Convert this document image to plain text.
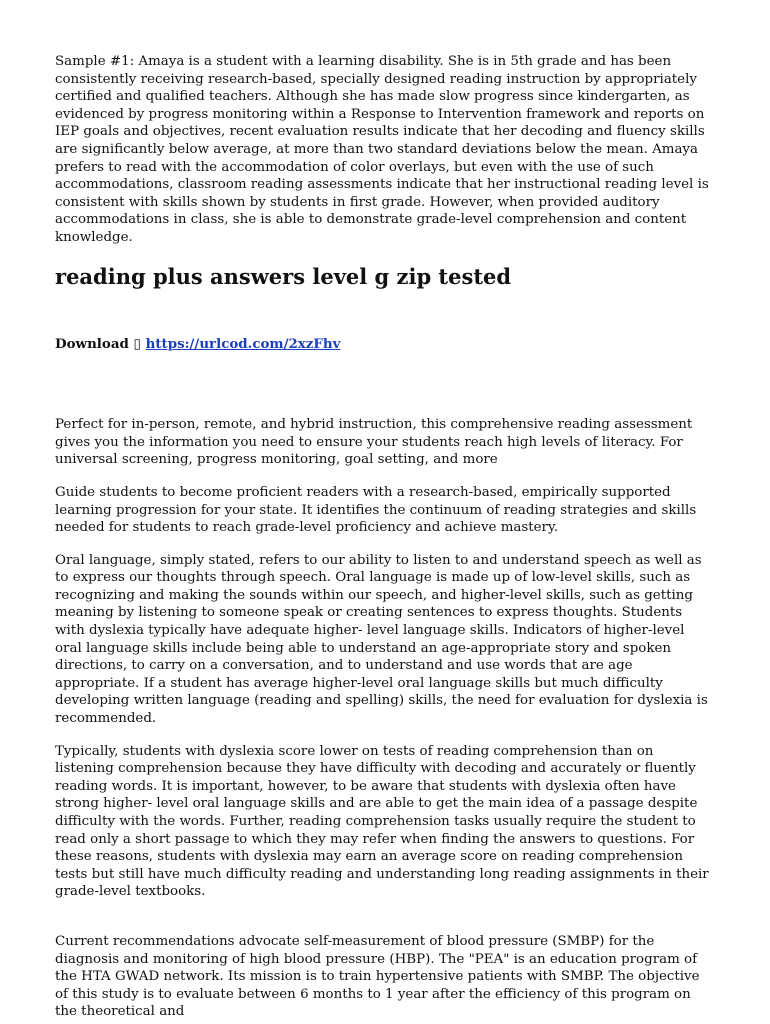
Sample #1: Amaya is a student with a learning disability. She is in 5th grade and has been consistently receiving research-based, specially designed reading instruction by appropriately certified and qualified teachers. Although she has made slow progress since kindergarten, as evidenced by progress monitoring within a Response to Intervention framework and reports on IEP goals and objectives, recent evaluation results indicate that her decoding and fluency skills are significantly below average, at more than two standard deviations below the mean. Amaya prefers to read with the accommodation of color overlays, but even with the use of such accommodations, classroom reading assessments indicate that her instructional reading level is consistent with skills shown by students in first grade. However, when provided auditory accommodations in class, she is able to demonstrate grade-level comprehension and content knowledge.

reading plus answers level g zip tested
Download ▯ https://urlcod.com/2xzFhv

Perfect for in-person, remote, and hybrid instruction, this comprehensive reading assessment gives you the information you need to ensure your students reach high levels of literacy. For universal screening, progress monitoring, goal setting, and more

Guide students to become proficient readers with a research-based, empirically supported learning progression for your state. It identifies the continuum of reading strategies and skills needed for students to reach grade-level proficiency and achieve mastery.

Oral language, simply stated, refers to our ability to listen to and understand speech as well as to express our thoughts through speech. Oral language is made up of low-level skills, such as recognizing and making the sounds within our speech, and higher-level skills, such as getting meaning by listening to someone speak or creating sentences to express thoughts. Students with dyslexia typically have adequate higher- level language skills. Indicators of higher-level oral language skills include being able to understand an age-appropriate story and spoken directions, to carry on a conversation, and to understand and use words that are age appropriate. If a student has average higher-level oral language skills but much difficulty developing written language (reading and spelling) skills, the need for evaluation for dyslexia is recommended.

Typically, students with dyslexia score lower on tests of reading comprehension than on listening comprehension because they have difficulty with decoding and accurately or fluently reading words. It is important, however, to be aware that students with dyslexia often have strong higher- level oral language skills and are able to get the main idea of a passage despite difficulty with the words. Further, reading comprehension tasks usually require the student to read only a short passage to which they may refer when finding the answers to questions. For these reasons, students with dyslexia may earn an average score on reading comprehension tests but still have much difficulty reading and understanding long reading assignments in their grade-level textbooks.

Current recommendations advocate self-measurement of blood pressure (SMBP) for the diagnosis and monitoring of high blood pressure (HBP). The "PEA" is an education program of the HTA GWAD network. Its mission is to train hypertensive patients with SMBP. The objective of this study is to evaluate between 6 months to 1 year after the efficiency of this program on the theoretical and
